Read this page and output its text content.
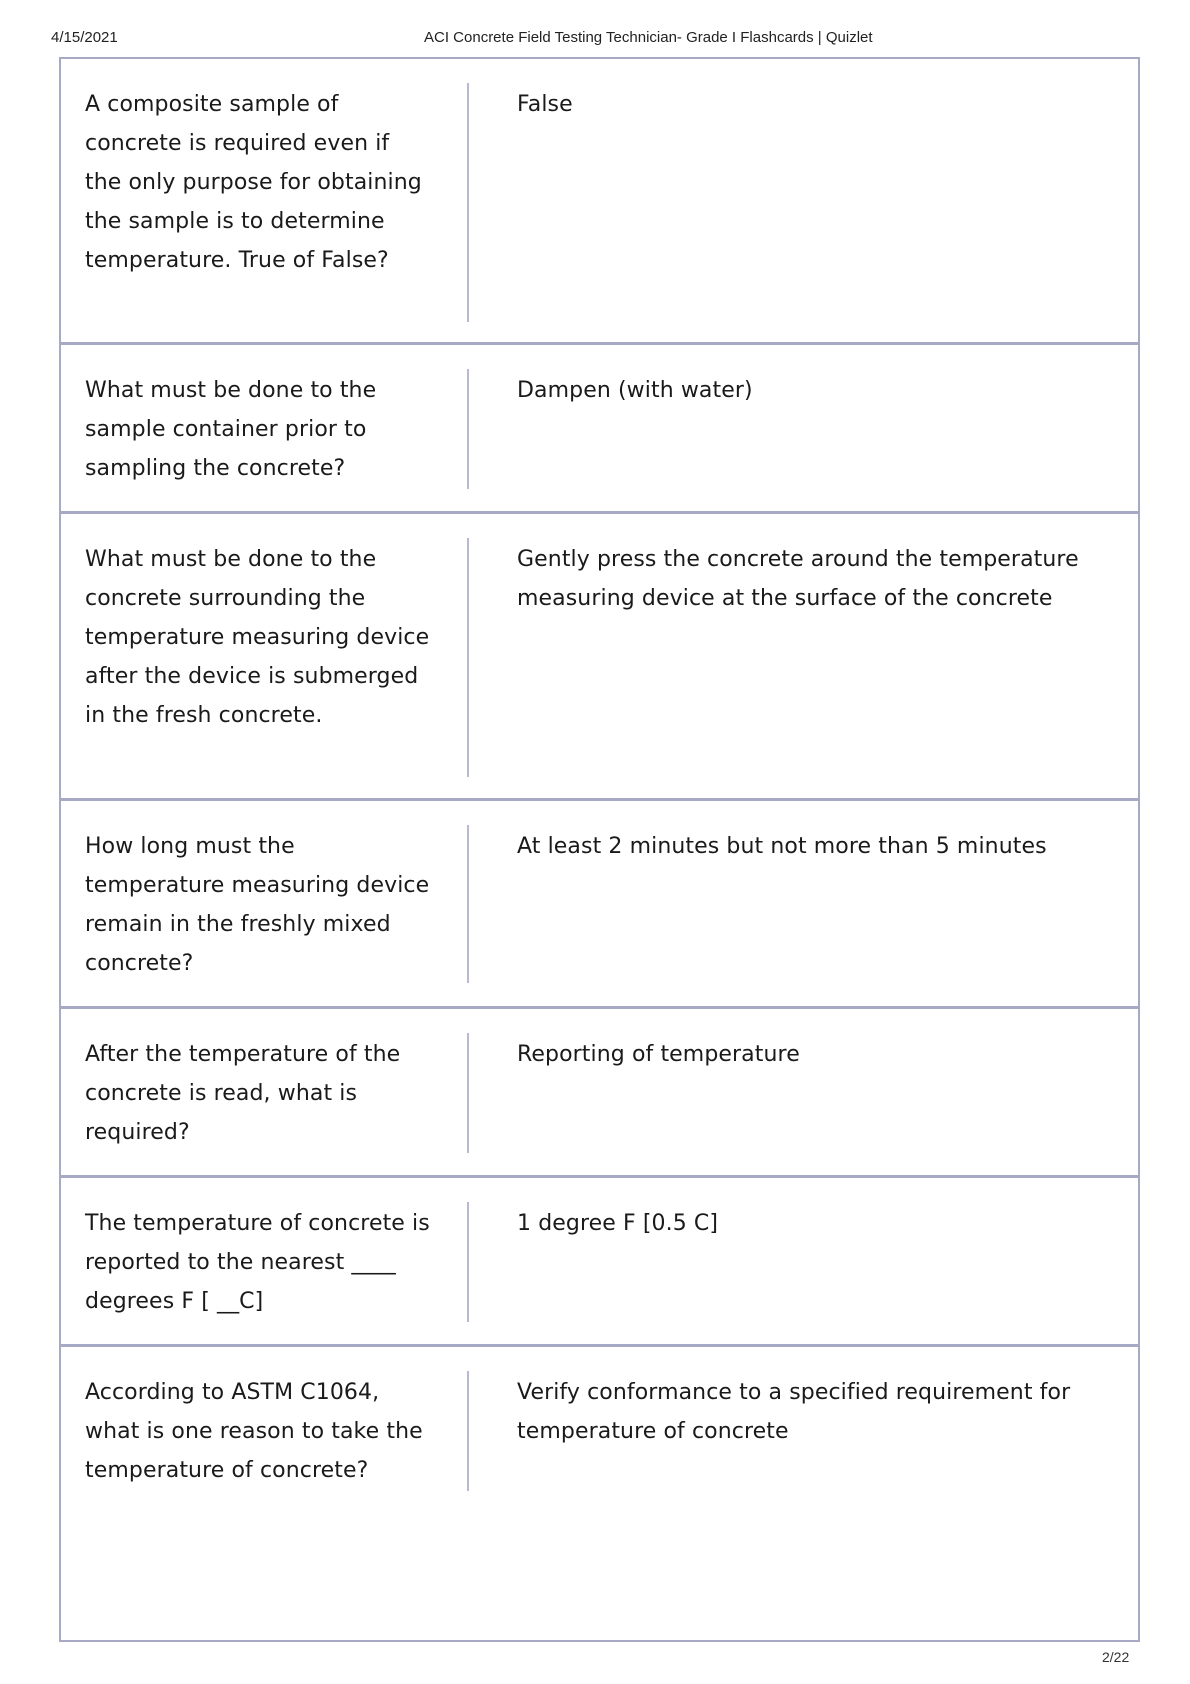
4/15/2021	ACI Concrete Field Testing Technician- Grade I Flashcards | Quizlet
A composite sample of concrete is required even if the only purpose for obtaining the sample is to determine temperature. True of False?
False
What must be done to the sample container prior to sampling the concrete?
Dampen (with water)
What must be done to the concrete surrounding the temperature measuring device after the device is submerged in the fresh concrete.
Gently press the concrete around the temperature measuring device at the surface of the concrete
How long must the temperature measuring device remain in the freshly mixed concrete?
At least 2 minutes but not more than 5 minutes
After the temperature of the concrete is read, what is required?
Reporting of temperature
The temperature of concrete is reported to the nearest ____ degrees F [ __C]
1 degree F [0.5 C]
According to ASTM C1064, what is one reason to take the temperature of concrete?
Verify conformance to a specified requirement for temperature of concrete
2/22
